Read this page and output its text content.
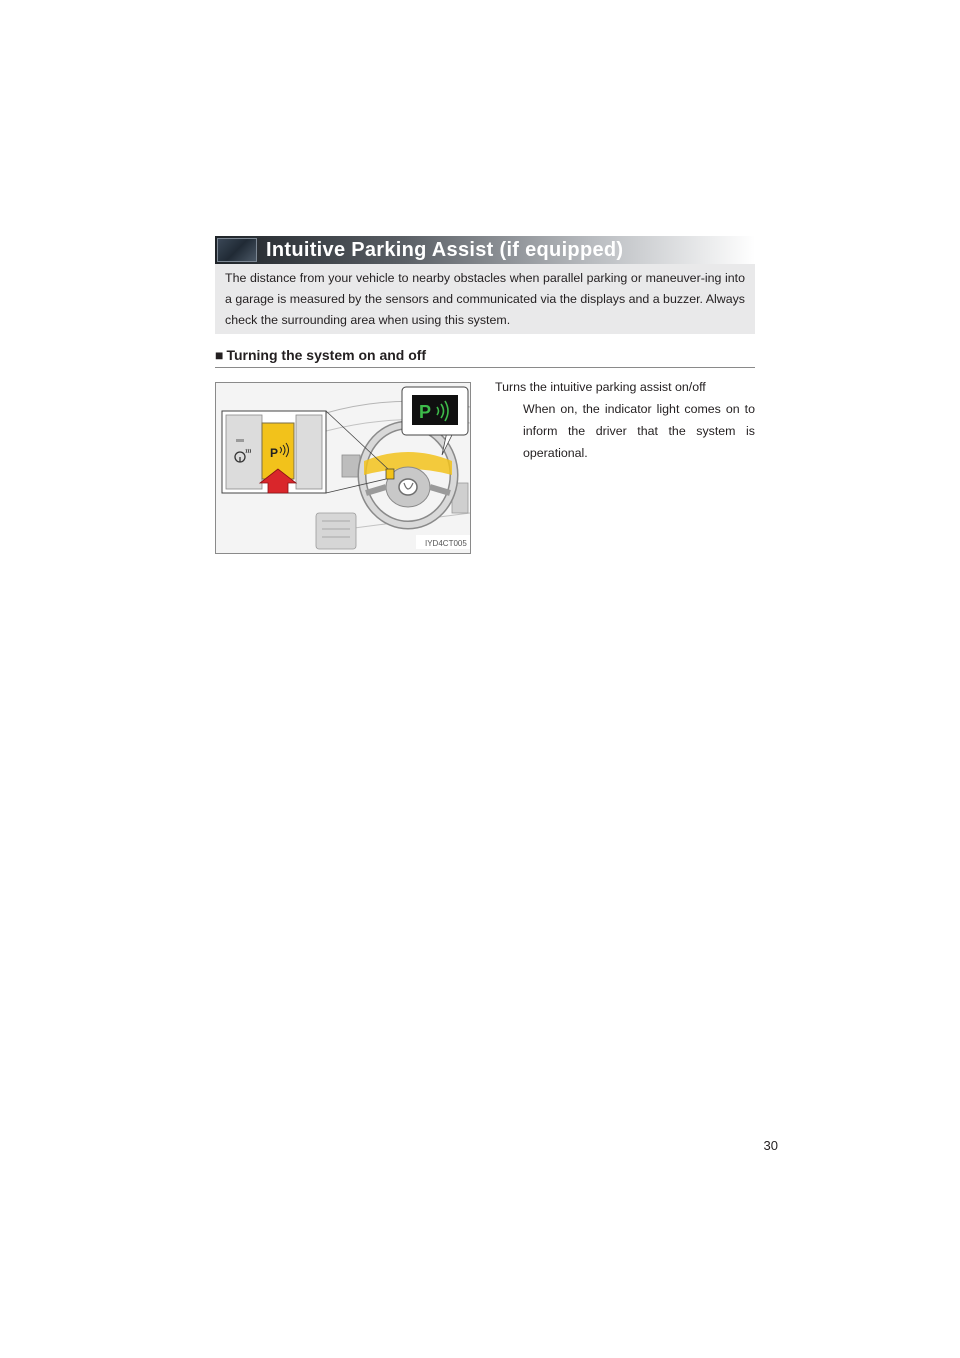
Intuitive Parking Assist (if equipped)
The distance from your vehicle to nearby obstacles when parallel parking or maneuver-ing into a garage is measured by the sensors and communicated via the displays and a buzzer. Always check the surrounding area when using this system.
■ Turning the system on and off
P
P
IYD4CT005
Turns the intuitive parking assist on/off
When on, the indicator light comes on to inform the driver that the system is operational.
30
